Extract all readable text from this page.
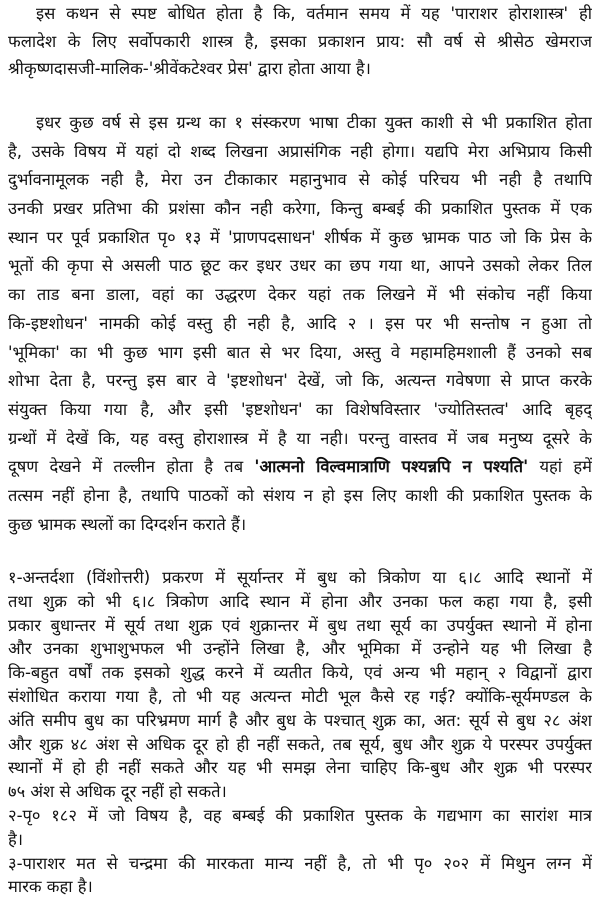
इस कथन से स्पष्ट बोधित होता है कि, वर्तमान समय में यह 'पाराशर होराशास्त्र' ही
फलादेश के लिए सर्वोपकारी शास्त्र है, इसका प्रकाशन प्राय: सौ वर्ष से श्रीसेठ खेमराज
श्रीकृष्णदासजी-मालिक-'श्रीवेंकटेश्वर प्रेस' द्वारा होता आया है।
इधर कुछ वर्ष से इस ग्रन्थ का १ संस्करण भाषा टीका युक्त काशी से भी प्रकाशित होता
है, उसके विषय में यहां दो शब्द लिखना अप्रासंगिक नही होगा। यद्यपि मेरा अभिप्राय किसी
दुर्भावनामूलक नही है, मेरा उन टीकाकार महानुभाव से कोई परिचय भी नही है तथापि
उनकी प्रखर प्रतिभा की प्रशंसा कौन नही करेगा, किन्तु बम्बई की प्रकाशित पुस्तक में एक
स्थान पर पूर्व प्रकाशित पृ० १३ में 'प्राणपदसाधन' शीर्षक में कुछ भ्रामक पाठ जो कि प्रेस के
भूतों की कृपा से असली पाठ छूट कर इधर उधर का छप गया था, आपने उसको लेकर तिल
का ताड बना डाला, वहां का उद्धरण देकर यहां तक लिखने में भी संकोच नहीं किया
कि-इष्टशोधन' नामकी कोई वस्तु ही नही है, आदि २ । इस पर भी सन्तोष न हुआ तो
'भूमिका' का भी कुछ भाग इसी बात से भर दिया, अस्तु वे महामहिमशाली हैं उनको सब
शोभा देता है, परन्तु इस बार वे 'इष्टशोधन' देखें, जो कि, अत्यन्त गवेषणा से प्राप्त करके
संयुक्त किया गया है, और इसी 'इष्टशोधन' का विशेषविस्तार 'ज्योतिस्तत्व' आदि बृहद्
ग्रन्थों में देखें कि, यह वस्तु होराशास्त्र में है या नही। परन्तु वास्तव में जब मनुष्य दूसरे के
दूषण देखने में तल्लीन होता है तब 'आत्मनो विल्वमात्राणि पश्यन्नपि न पश्यति' यहां हमें
तत्सम नहीं होना है, तथापि पाठकों को संशय न हो इस लिए काशी की प्रकाशित पुस्तक के
कुछ भ्रामक स्थलों का दिग्दर्शन कराते हैं।
१-अन्तर्दशा (विंशोत्तरी) प्रकरण में सूर्यान्तर में बुध को त्रिकोण या ६।८ आदि स्थानों में
तथा शुक्र को भी ६।८ त्रिकोण आदि स्थान में होना और उनका फल कहा गया है, इसी
प्रकार बुधान्तर में सूर्य तथा शुक्र एवं शुक्रान्तर में बुध तथा सूर्य का उपर्युक्त स्थानो में होना
और उनका शुभाशुभफल भी उन्होंने लिखा है, और भूमिका में उन्होने यह भी लिखा है
कि-बहुत वर्षों तक इसको शुद्ध करने में व्यतीत किये, एवं अन्य भी महान् २ विद्वानों द्वारा
संशोधित कराया गया है, तो भी यह अत्यन्त मोटी भूल कैसे रह गई? क्योंकि-सूर्यमण्डल के
अंति समीप बुध का परिभ्रमण मार्ग है और बुध के पश्चात् शुक्र का, अत: सूर्य से बुध २८ अंश
और शुक्र ४८ अंश से अधिक दूर हो ही नहीं सकते, तब सूर्य, बुध और शुक्र ये परस्पर उपर्युक्त
स्थानों में हो ही नहीं सकते और यह भी समझ लेना चाहिए कि-बुध और शुक्र भी परस्पर
७५ अंश से अधिक दूर नहीं हो सकते।
२-पृ० १८२ में जो विषय है, वह बम्बई की प्रकाशित पुस्तक के गद्यभाग का सारांश मात्र
है।
३-पाराशर मत से चन्द्रमा की मारकता मान्य नहीं है, तो भी पृ० २०२ में मिथुन लग्न में
मारक कहा है।
